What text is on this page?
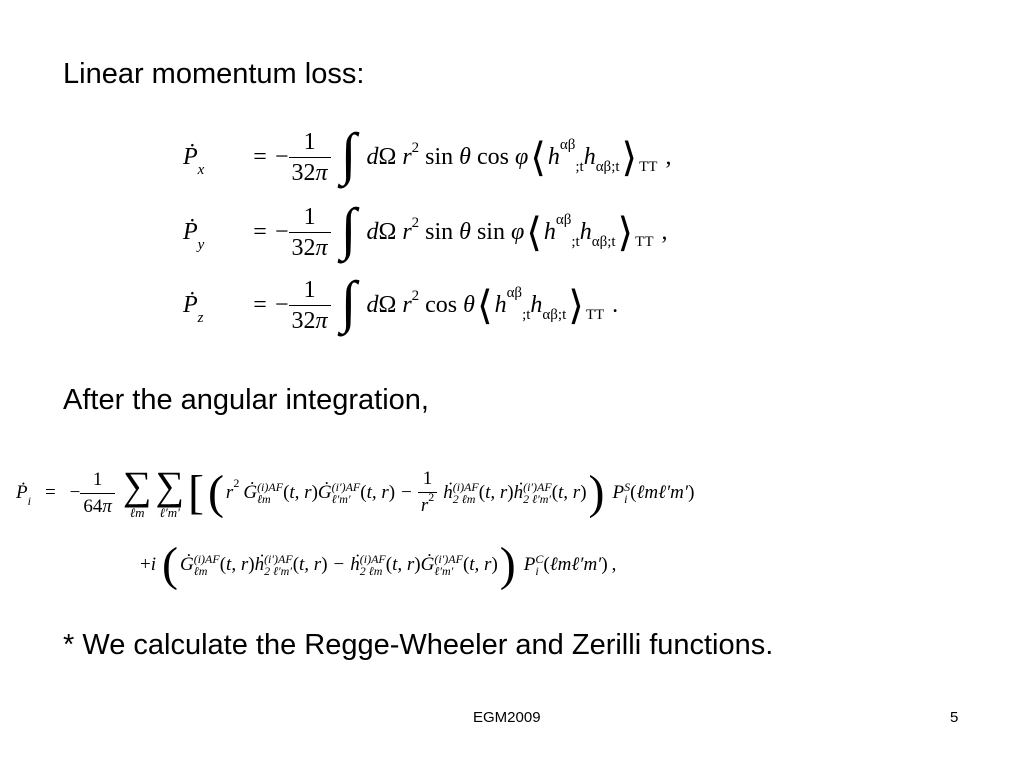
Linear momentum loss:
Ṗ$_x$	= − $\frac{1}{32\pi}$ ∫ dΩ $r^2$ sin θ cos φ ⟨ h αβ
;t h αβ;t ⟩ TT ,
Ṗ$_y$	= − $\frac{1}{32\pi}$ ∫ dΩ $r^2$ sin θ sin φ ⟨ h αβ
;t h αβ;t ⟩ TT ,
Ṗ$_z$	= − $\frac{1}{32\pi}$ ∫ dΩ $r^2$ cos θ ⟨ h αβ
;t h αβ;t ⟩ TT .
After the angular integration,
Ṗ i = − $\frac{1}{64\pi}$ ∑
ℓm
∑
ℓ′m′ [ ( r 2 Ġ (i)AF
ℓm (t, r) Ġ (i′)AF
ℓ′m′ (t, $r) - \frac{1}{r^2}$ ḣ (i)AF
2 ℓm (t, r) ḣ (i′)AF
2 ℓ′m′ (t, r) ) P S
i (ℓmℓ′m′)
+i ( Ġ (i)AF
ℓm (t, r) ḣ (i′)AF
2 ℓ′m′ (t, r) − ḣ (i)AF
2 ℓm (t, r) Ġ (i′)AF
ℓ′m′ (t, r) ) P C
i (ℓmℓ′m′) ,
* We calculate the Regge-Wheeler and Zerilli functions.
EGM2009	5
